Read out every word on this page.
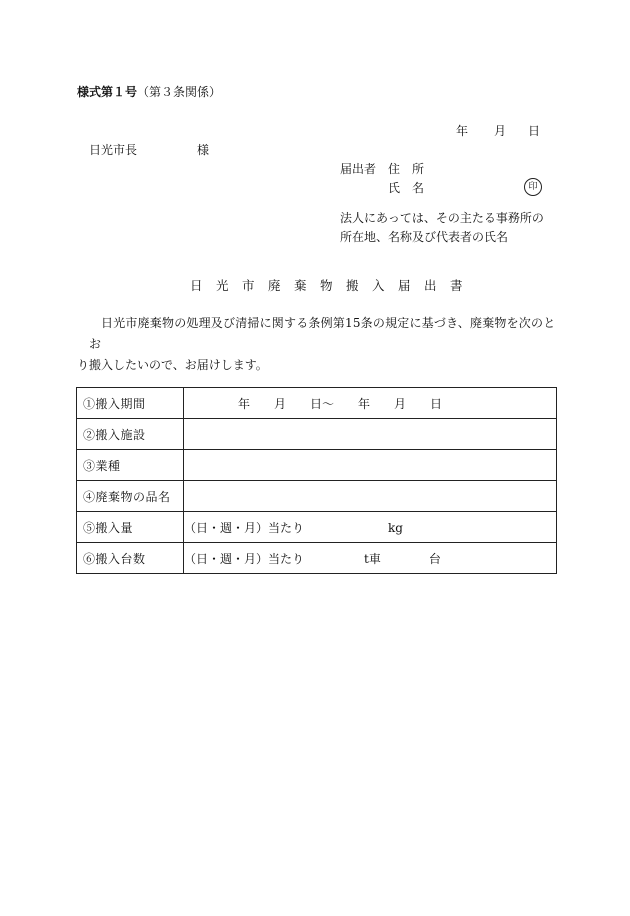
様式第１号（第３条関係）
年 月 日
日光市長　　　　　様
届出者　住　所
　　　　氏　名	印
法人にあっては、その主たる事務所の
所在地、名称及び代表者の氏名
日光市廃棄物搬入届出書
日光市廃棄物の処理及び清掃に関する条例第15条の規定に基づき、廃棄物を次のとお
り搬入したいので、お届けします。
①搬入期間	年　　月　　日～　　年　　月　　日
②搬入施設	
③業種	
④廃棄物の品名	
⑤搬入量	（日・週・月）当たり　　　　　　　kg
⑥搬入台数	（日・週・月）当たり　　　　　t車　　　　台
